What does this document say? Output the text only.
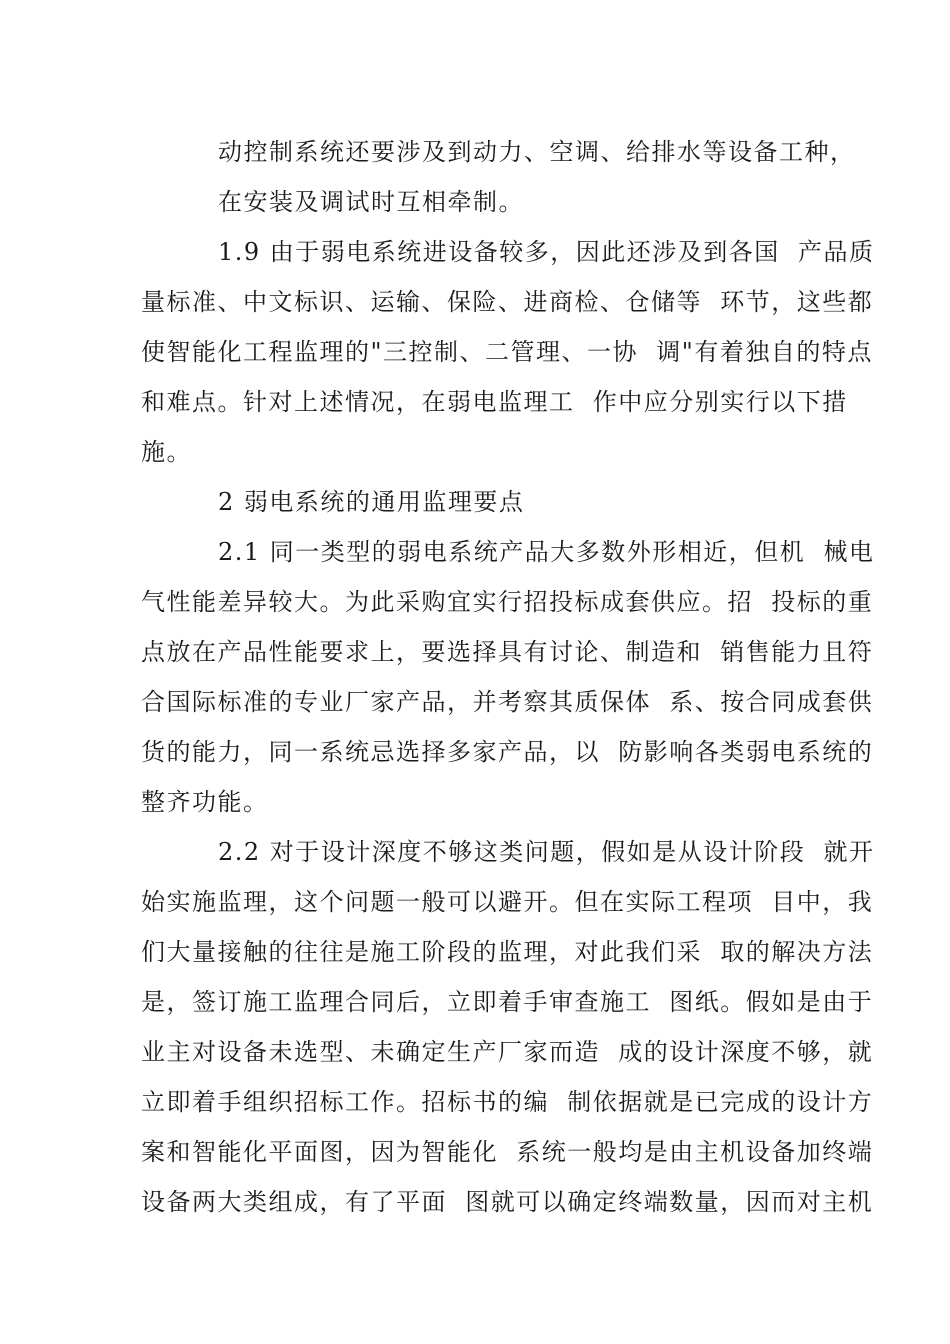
动控制系统还要涉及到动力、空调、给排水等设备工种，
在安装及调试时互相牵制。
1.9 由于弱电系统进设备较多，因此还涉及到各国  产品质
量标准、中文标识、运输、保险、进商检、仓储等  环节，这些都
使智能化工程监理的"三控制、二管理、一协  调"有着独自的特点
和难点。针对上述情况，在弱电监理工  作中应分别实行以下措
施。
2 弱电系统的通用监理要点
2.1 同一类型的弱电系统产品大多数外形相近，但机  械电
气性能差异较大。为此采购宜实行招投标成套供应。招  投标的重
点放在产品性能要求上，要选择具有讨论、制造和  销售能力且符
合国际标准的专业厂家产品，并考察其质保体  系、按合同成套供
货的能力，同一系统忌选择多家产品，以  防影响各类弱电系统的
整齐功能。
2.2 对于设计深度不够这类问题，假如是从设计阶段  就开
始实施监理，这个问题一般可以避开。但在实际工程项  目中，我
们大量接触的往往是施工阶段的监理，对此我们采  取的解决方法
是，签订施工监理合同后，立即着手审查施工  图纸。假如是由于
业主对设备未选型、未确定生产厂家而造  成的设计深度不够，就
立即着手组织招标工作。招标书的编  制依据就是已完成的设计方
案和智能化平面图，因为智能化  系统一般均是由主机设备加终端
设备两大类组成，有了平面  图就可以确定终端数量，因而对主机
